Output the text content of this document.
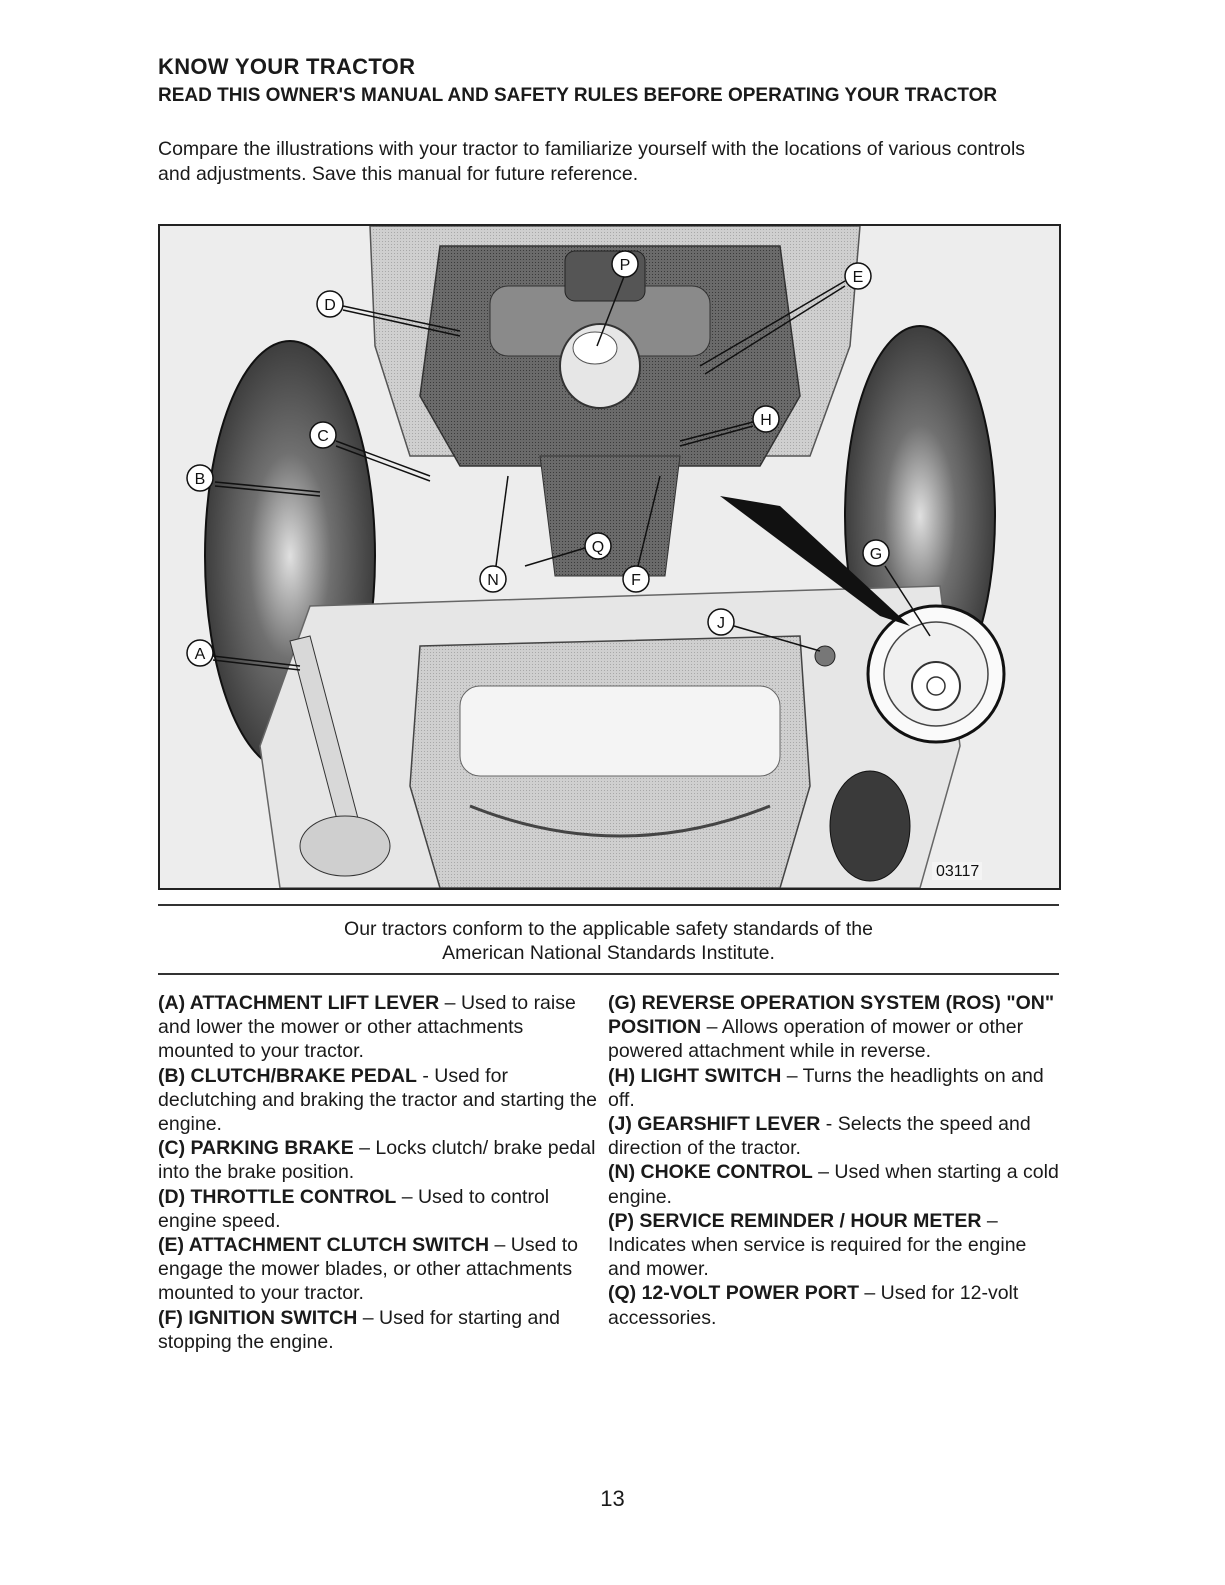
KNOW YOUR TRACTOR
READ THIS OWNER'S MANUAL AND SAFETY RULES BEFORE OPERATING YOUR TRACTOR
Compare the illustrations with your tractor to familiarize yourself with the locations of various controls and adjustments. Save this manual for future reference.
P
D
E
C
H
B
Q
N	F
G
J
A
03117
Our tractors conform to the applicable safety standards of the
American National Standards Institute.

(A) ATTACHMENT LIFT LEVER – Used to raise and lower the mower or other attachments mounted to your tractor.

(B) CLUTCH/BRAKE PEDAL - Used for declutching and braking the tractor and starting the engine.

(C) PARKING BRAKE – Locks clutch/ brake pedal into the brake position.

(D) THROTTLE CONTROL – Used to control engine speed.

(E) ATTACHMENT CLUTCH SWITCH – Used to engage the mower blades, or other attachments mounted to your tractor.

(F) IGNITION SWITCH – Used for starting and stopping the engine.

(G) REVERSE OPERATION SYSTEM (ROS) "ON" POSITION – Allows operation of mower or other powered attachment while in reverse.

(H) LIGHT SWITCH – Turns the headlights on and off.

(J) GEARSHIFT LEVER - Selects the speed and direction of the tractor.

(N) CHOKE CONTROL – Used when starting a cold engine.

(P) SERVICE REMINDER / HOUR METER – Indicates when service is required for the engine and mower.

(Q) 12-VOLT POWER PORT – Used for 12-volt accessories.

13
